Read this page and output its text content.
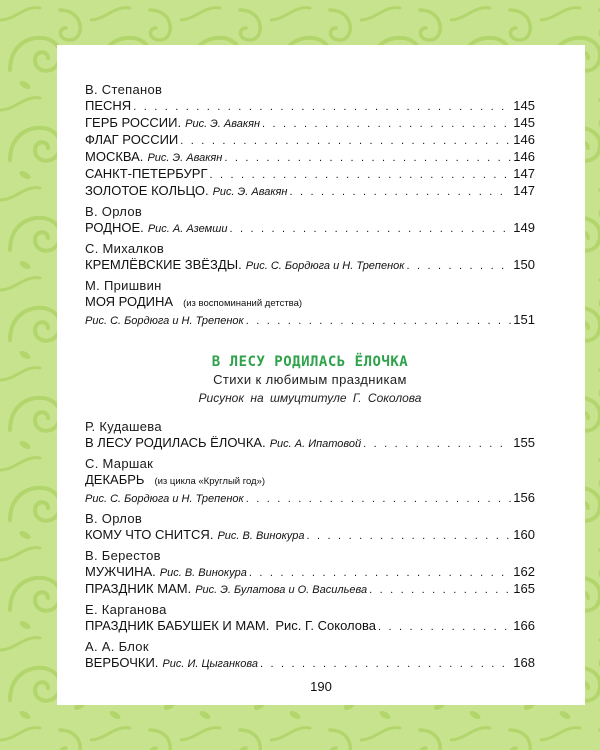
В. Степанов
ПЕСНЯ . . .	145
ГЕРБ РОССИИ. Рис. Э. Авакян . . .	145
ФЛАГ РОССИИ . . .	146
МОСКВА. Рис. Э. Авакян . . .	146
САНКТ-ПЕТЕРБУРГ . . .	147
ЗОЛОТОЕ КОЛЬЦО. Рис. Э. Авакян . . .	147
В. Орлов
РОДНОЕ. Рис. А. Аземши . . .	149
С. Михалков
КРЕМЛЁВСКИЕ ЗВЁЗДЫ. Рис. С. Бордюга и Н. Трепенок . . .	150
М. Пришвин
МОЯ РОДИНА (из воспоминаний детства)
Рис. С. Бордюга и Н. Трепенок . . .	151
В ЛЕСУ РОДИЛАСЬ ЁЛОЧКА
Стихи к любимым праздникам
Рисунок на шмуцтитуле Г. Соколова
Р. Кудашева
В ЛЕСУ РОДИЛАСЬ ЁЛОЧКА. Рис. А. Ипатовой . . .	155
С. Маршак
ДЕКАБРЬ (из цикла «Круглый год»)
Рис. С. Бордюга и Н. Трепенок . . .	156
В. Орлов
КОМУ ЧТО СНИТСЯ. Рис. В. Винокура . . .	160
В. Берестов
МУЖЧИНА. Рис. В. Винокура . . .	162
ПРАЗДНИК МАМ. Рис. Э. Булатова и О. Васильева . . .	165
Е. Карганова
ПРАЗДНИК БАБУШЕК И МАМ. Рис. Г. Соколова . . .	166
А. А. Блок
ВЕРБОЧКИ. Рис. И. Цыганкова . . .	168
190
